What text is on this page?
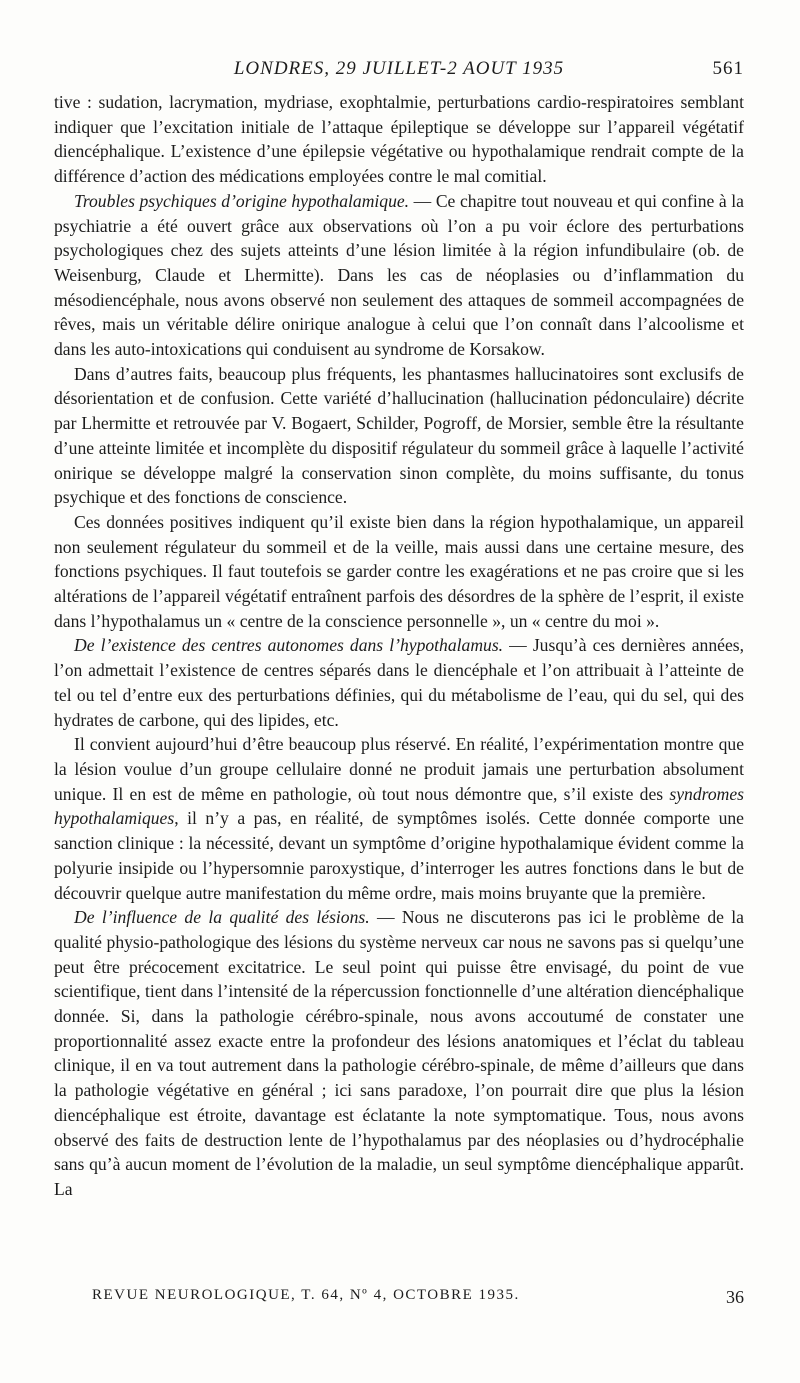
LONDRES, 29 JUILLET-2 AOUT 1935	561

tive : sudation, lacrymation, mydriase, exophtalmie, perturbations cardio-respiratoires semblant indiquer que l’excitation initiale de l’attaque épileptique se développe sur l’appareil végétatif diencéphalique. L’existence d’une épilepsie végétative ou hypothalamique rendrait compte de la différence d’action des médications employées contre le mal comitial.

Troubles psychiques d’origine hypothalamique. — Ce chapitre tout nouveau et qui confine à la psychiatrie a été ouvert grâce aux observations où l’on a pu voir éclore des perturbations psychologiques chez des sujets atteints d’une lésion limitée à la région infundibulaire (ob. de Weisenburg, Claude et Lhermitte). Dans les cas de néoplasies ou d’inflammation du mésodiencéphale, nous avons observé non seulement des attaques de sommeil accompagnées de rêves, mais un véritable délire onirique analogue à celui que l’on connaît dans l’alcoolisme et dans les auto-intoxications qui conduisent au syndrome de Korsakow.

Dans d’autres faits, beaucoup plus fréquents, les phantasmes hallucinatoires sont exclusifs de désorientation et de confusion. Cette variété d’hallucination (hallucination pédonculaire) décrite par Lhermitte et retrouvée par V. Bogaert, Schilder, Pogroff, de Morsier, semble être la résultante d’une atteinte limitée et incomplète du dispositif régulateur du sommeil grâce à laquelle l’activité onirique se développe malgré la conservation sinon complète, du moins suffisante, du tonus psychique et des fonctions de conscience.

Ces données positives indiquent qu’il existe bien dans la région hypothalamique, un appareil non seulement régulateur du sommeil et de la veille, mais aussi dans une certaine mesure, des fonctions psychiques. Il faut toutefois se garder contre les exagérations et ne pas croire que si les altérations de l’appareil végétatif entraînent parfois des désordres de la sphère de l’esprit, il existe dans l’hypothalamus un « centre de la conscience personnelle », un « centre du moi ».

De l’existence des centres autonomes dans l’hypothalamus. — Jusqu’à ces dernières années, l’on admettait l’existence de centres séparés dans le diencéphale et l’on attribuait à l’atteinte de tel ou tel d’entre eux des perturbations définies, qui du métabolisme de l’eau, qui du sel, qui des hydrates de carbone, qui des lipides, etc.

Il convient aujourd’hui d’être beaucoup plus réservé. En réalité, l’expérimentation montre que la lésion voulue d’un groupe cellulaire donné ne produit jamais une perturbation absolument unique. Il en est de même en pathologie, où tout nous démontre que, s’il existe des syndromes hypothalamiques, il n’y a pas, en réalité, de symptômes isolés. Cette donnée comporte une sanction clinique : la nécessité, devant un symptôme d’origine hypothalamique évident comme la polyurie insipide ou l’hypersomnie paroxystique, d’interroger les autres fonctions dans le but de découvrir quelque autre manifestation du même ordre, mais moins bruyante que la première.

De l’influence de la qualité des lésions. — Nous ne discuterons pas ici le problème de la qualité physio-pathologique des lésions du système nerveux car nous ne savons pas si quelqu’une peut être précocement excitatrice. Le seul point qui puisse être envisagé, du point de vue scientifique, tient dans l’intensité de la répercussion fonctionnelle d’une altération diencéphalique donnée. Si, dans la pathologie cérébro-spinale, nous avons accoutumé de constater une proportionnalité assez exacte entre la profondeur des lésions anatomiques et l’éclat du tableau clinique, il en va tout autrement dans la pathologie cérébro-spinale, de même d’ailleurs que dans la pathologie végétative en général ; ici sans paradoxe, l’on pourrait dire que plus la lésion diencéphalique est étroite, davantage est éclatante la note symptomatique. Tous, nous avons observé des faits de destruction lente de l’hypothalamus par des néoplasies ou d’hydrocéphalie sans qu’à aucun moment de l’évolution de la maladie, un seul symptôme diencéphalique apparût. La

REVUE NEUROLOGIQUE, T. 64, Nº 4, OCTOBRE 1935.	36
